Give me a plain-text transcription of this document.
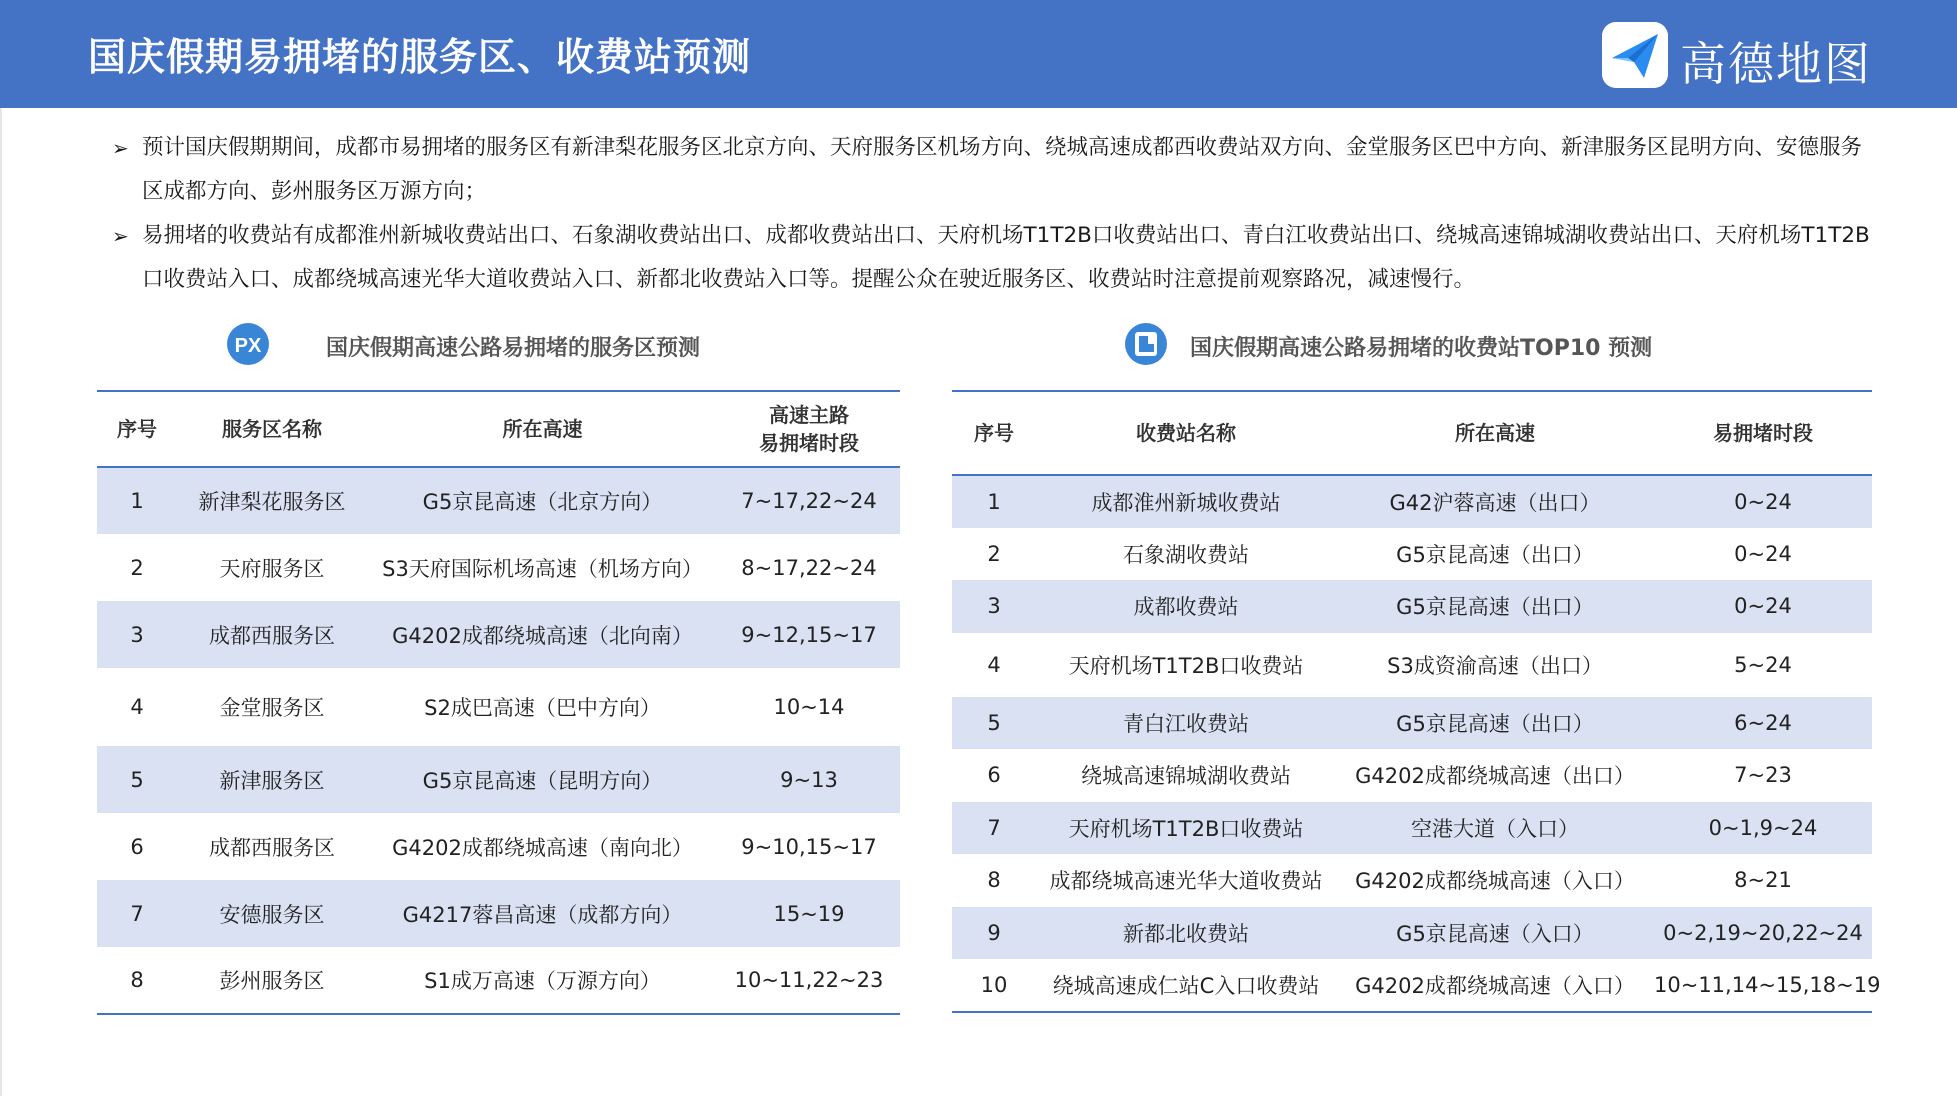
国庆假期易拥堵的服务区、收费站预测	高德地图
➢ 预计国庆假期期间，成都市易拥堵的服务区有新津梨花服务区北京方向、天府服务区机场方向、绕城高速成都西收费站双方向、金堂服务区巴中方向、新津服务区昆明方向、安德服务区成都方向、彭州服务区万源方向；
➢ 易拥堵的收费站有成都淮州新城收费站出口、石象湖收费站出口、成都收费站出口、天府机场T1T2B口收费站出口、青白江收费站出口、绕城高速锦城湖收费站出口、天府机场T1T2B口收费站入口、成都绕城高速光华大道收费站入口、新都北收费站入口等。提醒公众在驶近服务区、收费站时注意提前观察路况，减速慢行。
PX	国庆假期高速公路易拥堵的服务区预测	国庆假期高速公路易拥堵的收费站TOP10 预测
序号	服务区名称	所在高速	高速主路
易拥堵时段

1	新津梨花服务区	G5京昆高速（北京方向）	7~17,22~24
2	天府服务区	S3天府国际机场高速（机场方向）	8~17,22~24
3	成都西服务区	G4202成都绕城高速（北向南）	9~12,15~17
4	金堂服务区	S2成巴高速（巴中方向）	10~14
5	新津服务区	G5京昆高速（昆明方向）	9~13
6	成都西服务区	G4202成都绕城高速（南向北）	9~10,15~17
7	安德服务区	G4217蓉昌高速（成都方向）	15~19
8	彭州服务区	S1成万高速（万源方向）	10~11,22~23
序号	收费站名称	所在高速	易拥堵时段
1	成都淮州新城收费站	G42沪蓉高速（出口）	0~24
2	石象湖收费站	G5京昆高速（出口）	0~24
3	成都收费站	G5京昆高速（出口）	0~24
4	天府机场T1T2B口收费站	S3成资渝高速（出口）	5~24
5	青白江收费站	G5京昆高速（出口）	6~24
6	绕城高速锦城湖收费站	G4202成都绕城高速（出口）	7~23
7	天府机场T1T2B口收费站	空港大道（入口）	0~1,9~24
8	成都绕城高速光华大道收费站	G4202成都绕城高速（入口）	8~21
9	新都北收费站	G5京昆高速（入口）	0~2,19~20,22~24
10	绕城高速成仁站C入口收费站	G4202成都绕城高速（入口）	10~11,14~15,18~19
